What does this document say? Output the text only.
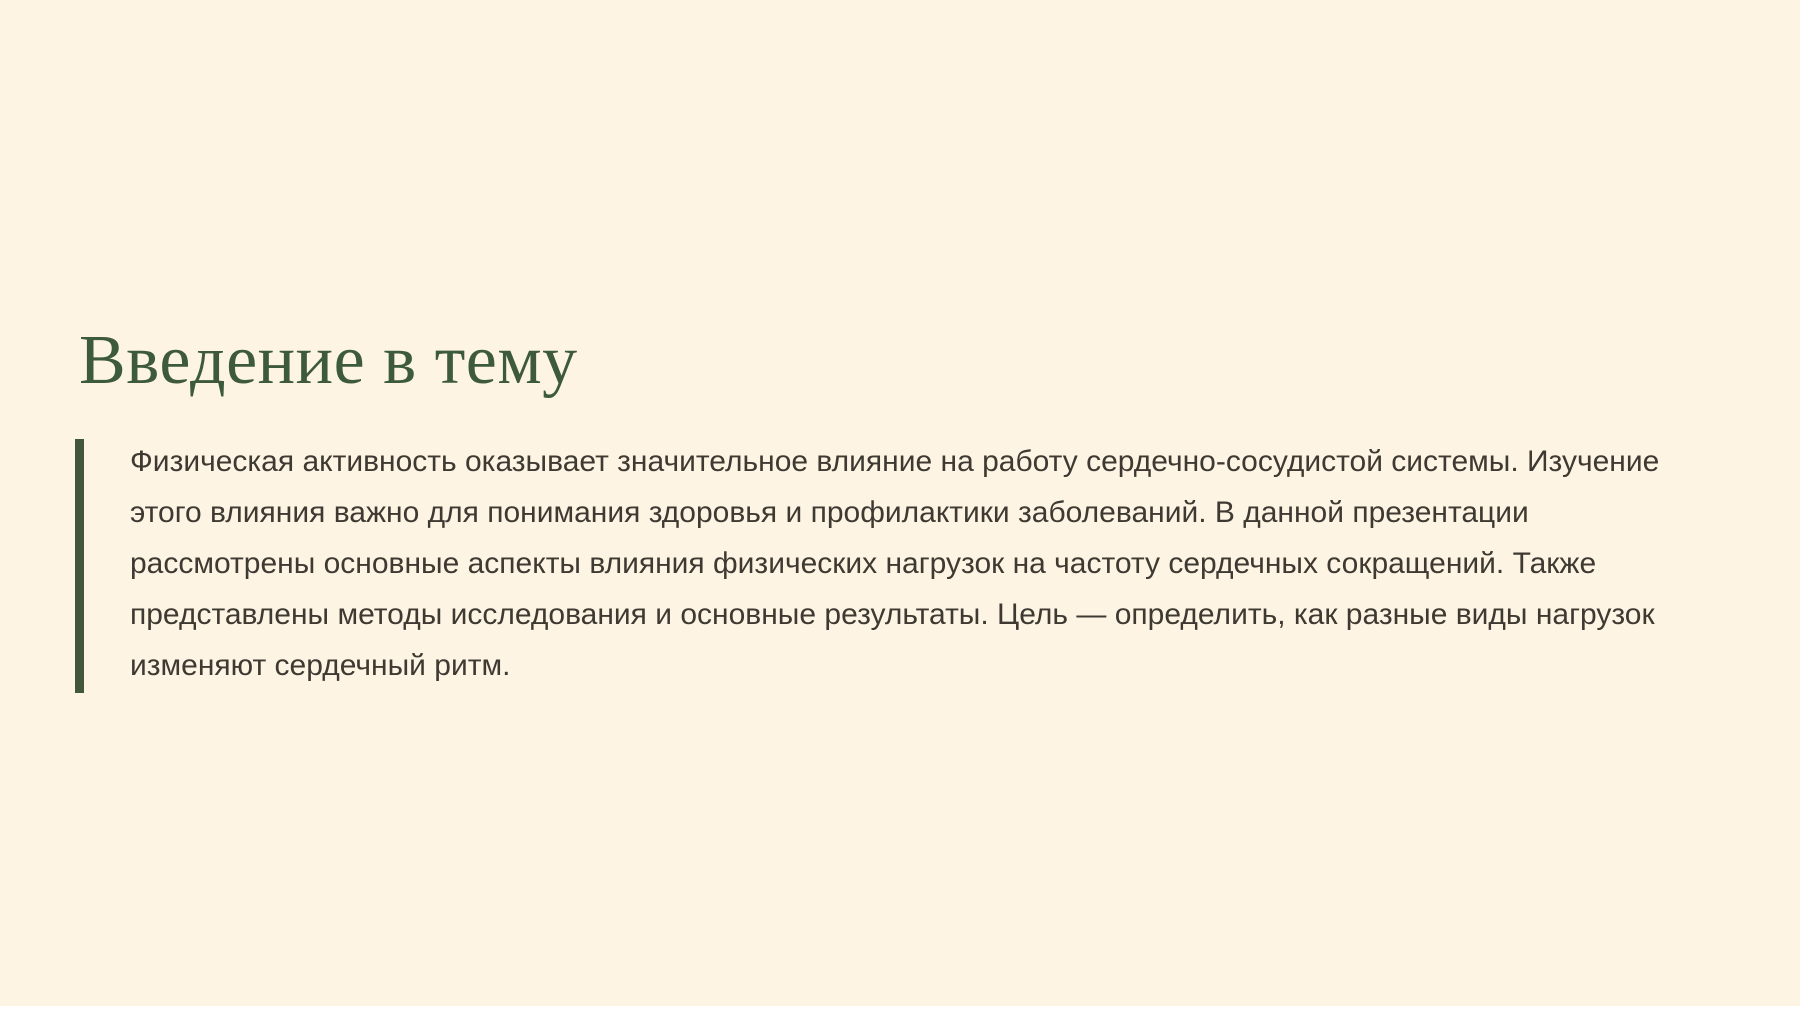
Введение в тему
Физическая активность оказывает значительное влияние на работу сердечно-сосудистой системы. Изучение
этого влияния важно для понимания здоровья и профилактики заболеваний. В данной презентации
рассмотрены основные аспекты влияния физических нагрузок на частоту сердечных сокращений. Также
представлены методы исследования и основные результаты. Цель — определить, как разные виды нагрузок
изменяют сердечный ритм.
